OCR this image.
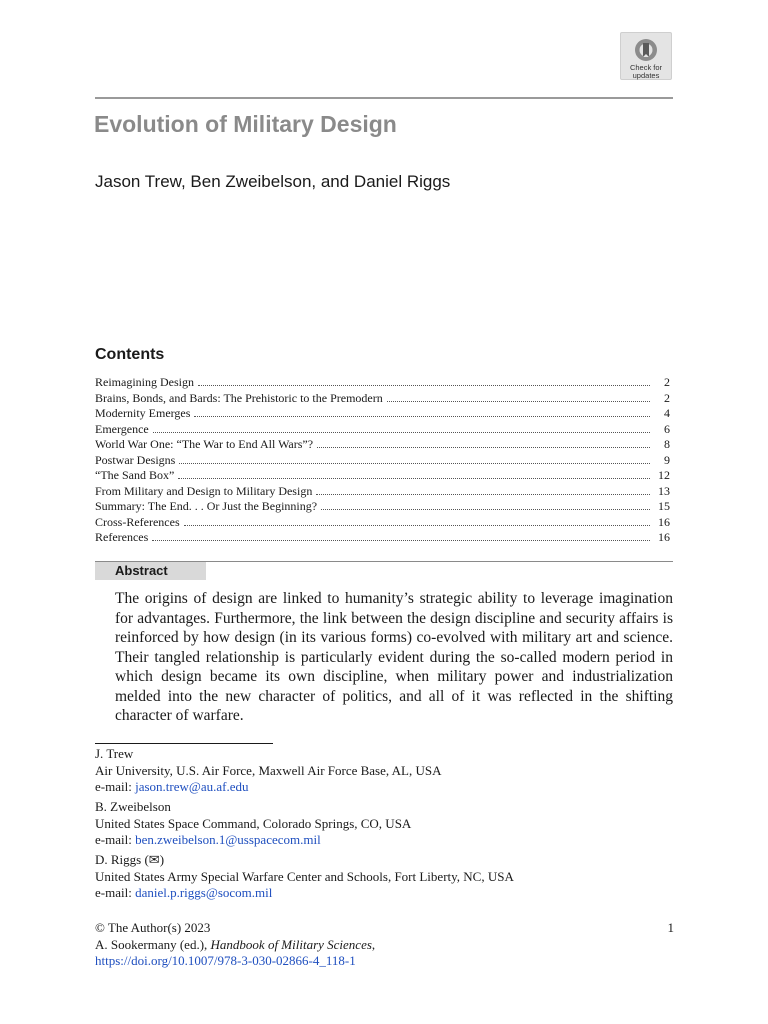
Check for
updates
Evolution of Military Design
Jason Trew, Ben Zweibelson, and Daniel Riggs
Contents
Reimagining Design	2
Brains, Bonds, and Bards: The Prehistoric to the Premodern	2
Modernity Emerges	4
Emergence	6
World War One: “The War to End All Wars”?	8
Postwar Designs	9
“The Sand Box”	12
From Military and Design to Military Design	13
Summary: The End. . . Or Just the Beginning?	15
Cross-References	16
References	16
Abstract

The origins of design are linked to humanity’s strategic ability to leverage imagination for advantages. Furthermore, the link between the design discipline and security affairs is reinforced by how design (in its various forms) co-evolved with military art and science. Their tangled relationship is particularly evident during the so-called modern period in which design became its own discipline, when military power and industrialization melded into the new character of politics, and all of it was reflected in the shifting character of warfare.

J. Trew
Air University, U.S. Air Force, Maxwell Air Force Base, AL, USA
e-mail: jason.trew@au.af.edu
B. Zweibelson
United States Space Command, Colorado Springs, CO, USA
e-mail: ben.zweibelson.1@usspacecom.mil
D. Riggs (✉)
United States Army Special Warfare Center and Schools, Fort Liberty, NC, USA
e-mail: daniel.p.riggs@socom.mil
© The Author(s) 2023
A. Sookermany (ed.), Handbook of Military Sciences,
https://doi.org/10.1007/978-3-030-02866-4_118-1
1
